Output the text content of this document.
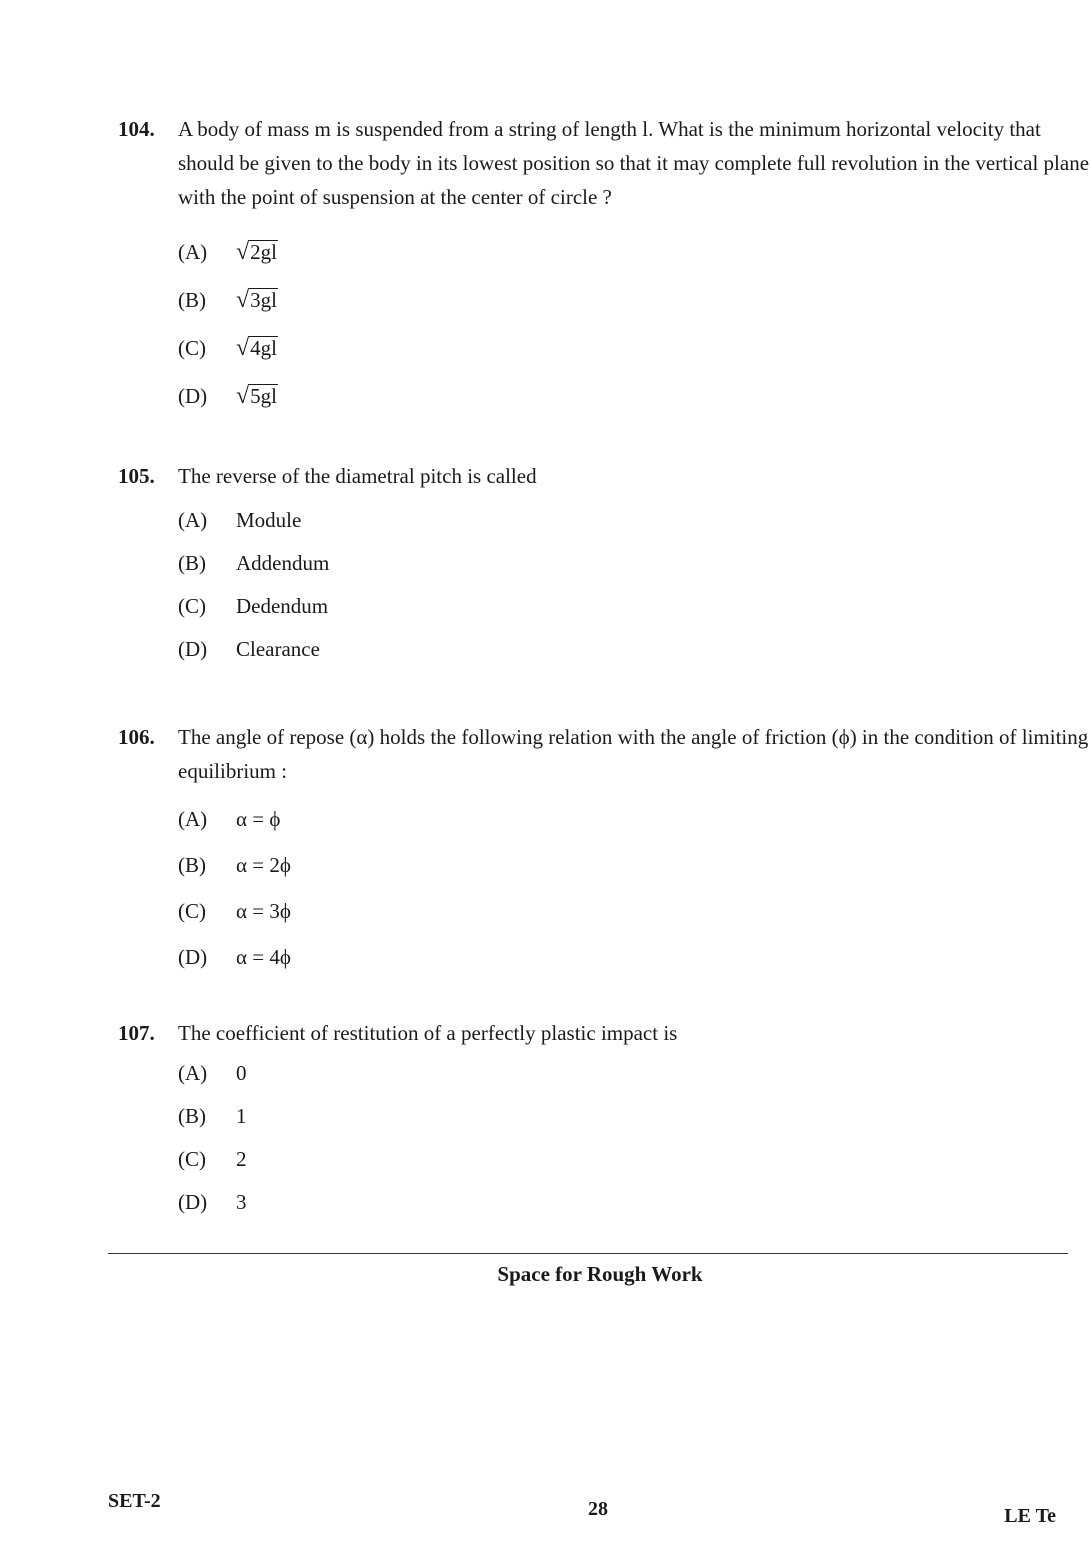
104.	A body of mass m is suspended from a string of length l. What is the minimum horizontal velocity that should be given to the body in its lowest position so that it may complete full revolution in the vertical plane with the point of suspension at the center of circle ?
(A)	√ 2gl
(B)	√ 3gl
(C)	√ 4gl
(D)	√ 5gl
105.	The reverse of the diametral pitch is called
(A)	Module
(B)	Addendum
(C)	Dedendum
(D)	Clearance
106.	The angle of repose (α) holds the following relation with the angle of friction (ϕ) in the condition of limiting equilibrium :
(A)	α = ϕ
(B)	α = 2ϕ
(C)	α = 3ϕ
(D)	α = 4ϕ
107.	The coefficient of restitution of a perfectly plastic impact is
(A)	0
(B)	1
(C)	2
(D)	3
Space for Rough Work
SET-2	28	LE Te
